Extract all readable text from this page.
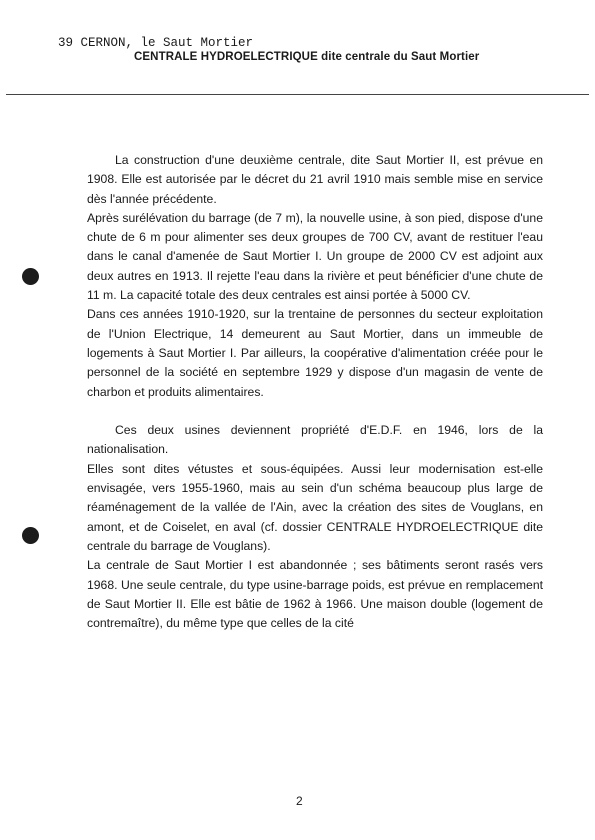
39 CERNON, le Saut Mortier
CENTRALE HYDROELECTRIQUE dite centrale du Saut Mortier

La construction d'une deuxième centrale, dite Saut Mortier II, est prévue en 1908. Elle est autorisée par le décret du 21 avril 1910 mais semble mise en service dès l'année précédente.

Après surélévation du barrage (de 7 m), la nouvelle usine, à son pied, dispose d'une chute de 6 m pour alimenter ses deux groupes de 700 CV, avant de restituer l'eau dans le canal d'amenée de Saut Mortier I. Un groupe de 2000 CV est adjoint aux deux autres en 1913. Il rejette l'eau dans la rivière et peut bénéficier d'une chute de 11 m. La capacité totale des deux centrales est ainsi portée à 5000 CV.

Dans ces années 1910-1920, sur la trentaine de personnes du secteur exploitation de l'Union Electrique, 14 demeurent au Saut Mortier, dans un immeuble de logements à Saut Mortier I. Par ailleurs, la coopérative d'alimentation créée pour le personnel de la société en septembre 1929 y dispose d'un magasin de vente de charbon et produits alimentaires.

Ces deux usines deviennent propriété d'E.D.F. en 1946, lors de la nationalisation.

Elles sont dites vétustes et sous-équipées. Aussi leur modernisation est-elle envisagée, vers 1955-1960, mais au sein d'un schéma beaucoup plus large de réaménagement de la vallée de l'Ain, avec la création des sites de Vouglans, en amont, et de Coiselet, en aval (cf. dossier CENTRALE HYDROELECTRIQUE dite centrale du barrage de Vouglans).

La centrale de Saut Mortier I est abandonnée ; ses bâtiments seront rasés vers 1968. Une seule centrale, du type usine-barrage poids, est prévue en remplacement de Saut Mortier II. Elle est bâtie de 1962 à 1966. Une maison double (logement de contremaître), du même type que celles de la cité

2
